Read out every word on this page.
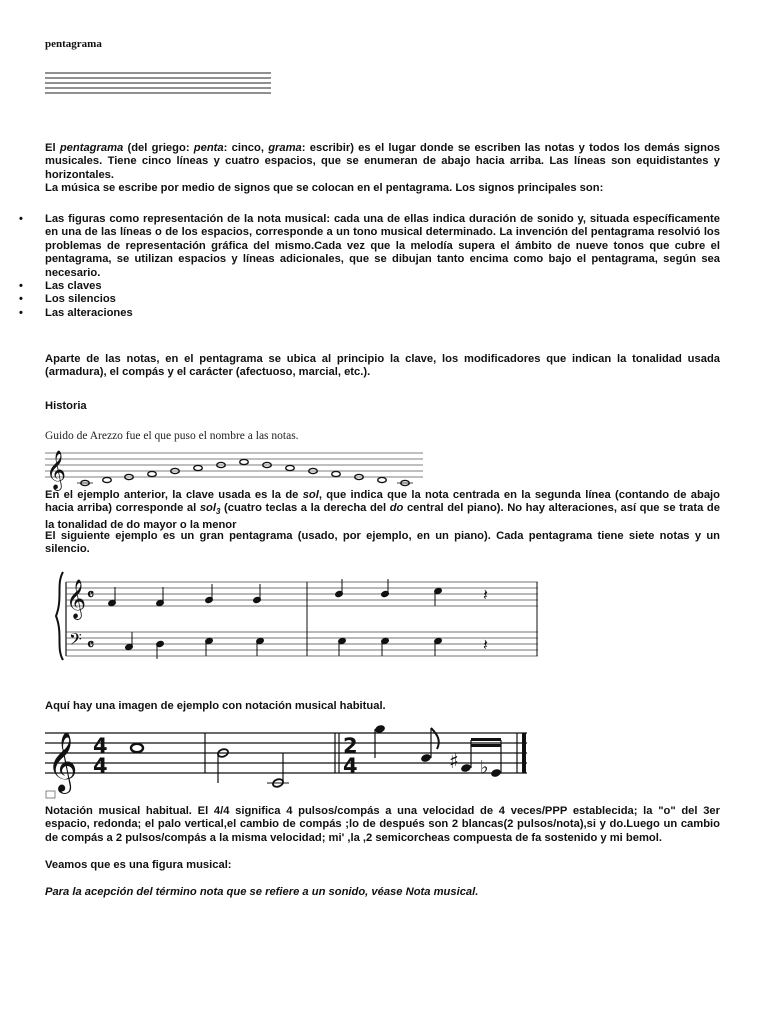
pentagrama

El pentagrama (del griego: penta: cinco, grama: escribir) es el lugar donde se escriben las notas y todos los demás signos musicales. Tiene cinco líneas y cuatro espacios, que se enumeran de abajo hacia arriba. Las líneas son equidistantes y horizontales.

La música se escribe por medio de signos que se colocan en el pentagrama. Los signos principales son:

• Las figuras como representación de la nota musical: cada una de ellas indica duración de sonido y, situada específicamente en una de las líneas o de los espacios, corresponde a un tono musical determinado. La invención del pentagrama resolvió los problemas de representación gráfica del mismo.Cada vez que la melodía supera el ámbito de nueve tonos que cubre el pentagrama, se utilizan espacios y líneas adicionales, que se dibujan tanto encima como bajo el pentagrama, según sea necesario.
• Las claves
• Los silencios
• Las alteraciones

Aparte de las notas, en el pentagrama se ubica al principio la clave, los modificadores que indican la tonalidad usada (armadura), el compás y el carácter (afectuoso, marcial, etc.).

Historia
Guido de Arezzo fue el que puso el nombre a las notas.
𝄞

En el ejemplo anterior, la clave usada es la de sol, que indica que la nota centrada en la segunda línea (contando de abajo hacia arriba) corresponde al sol$_3$ (cuatro teclas a la derecha del do central del piano). No hay alteraciones, así que se trata de la tonalidad de do mayor o la menor

El siguiente ejemplo es un gran pentagrama (usado, por ejemplo, en un piano). Cada pentagrama tiene siete notas y un silencio.

𝄞
𝄢
𝄴
𝄴
𝄽
𝄽
Aquí hay una imagen de ejemplo con notación musical habitual.
𝄞 4
4
2
4	♯ ♭

Notación musical habitual. El 4/4 significa 4 pulsos/compás a una velocidad de 4 veces/PPP establecida; la "o" del 3er espacio, redonda; el palo vertical,el cambio de compás ;lo de después son 2 blancas(2 pulsos/nota),si y do.Luego un cambio de compás a 2 pulsos/compás a la misma velocidad; mi' ,la ,2 semicorcheas compuesta de fa sostenido y mi bemol.

Veamos que es una figura musical:
Para la acepción del término nota que se refiere a un sonido, véase Nota musical.
